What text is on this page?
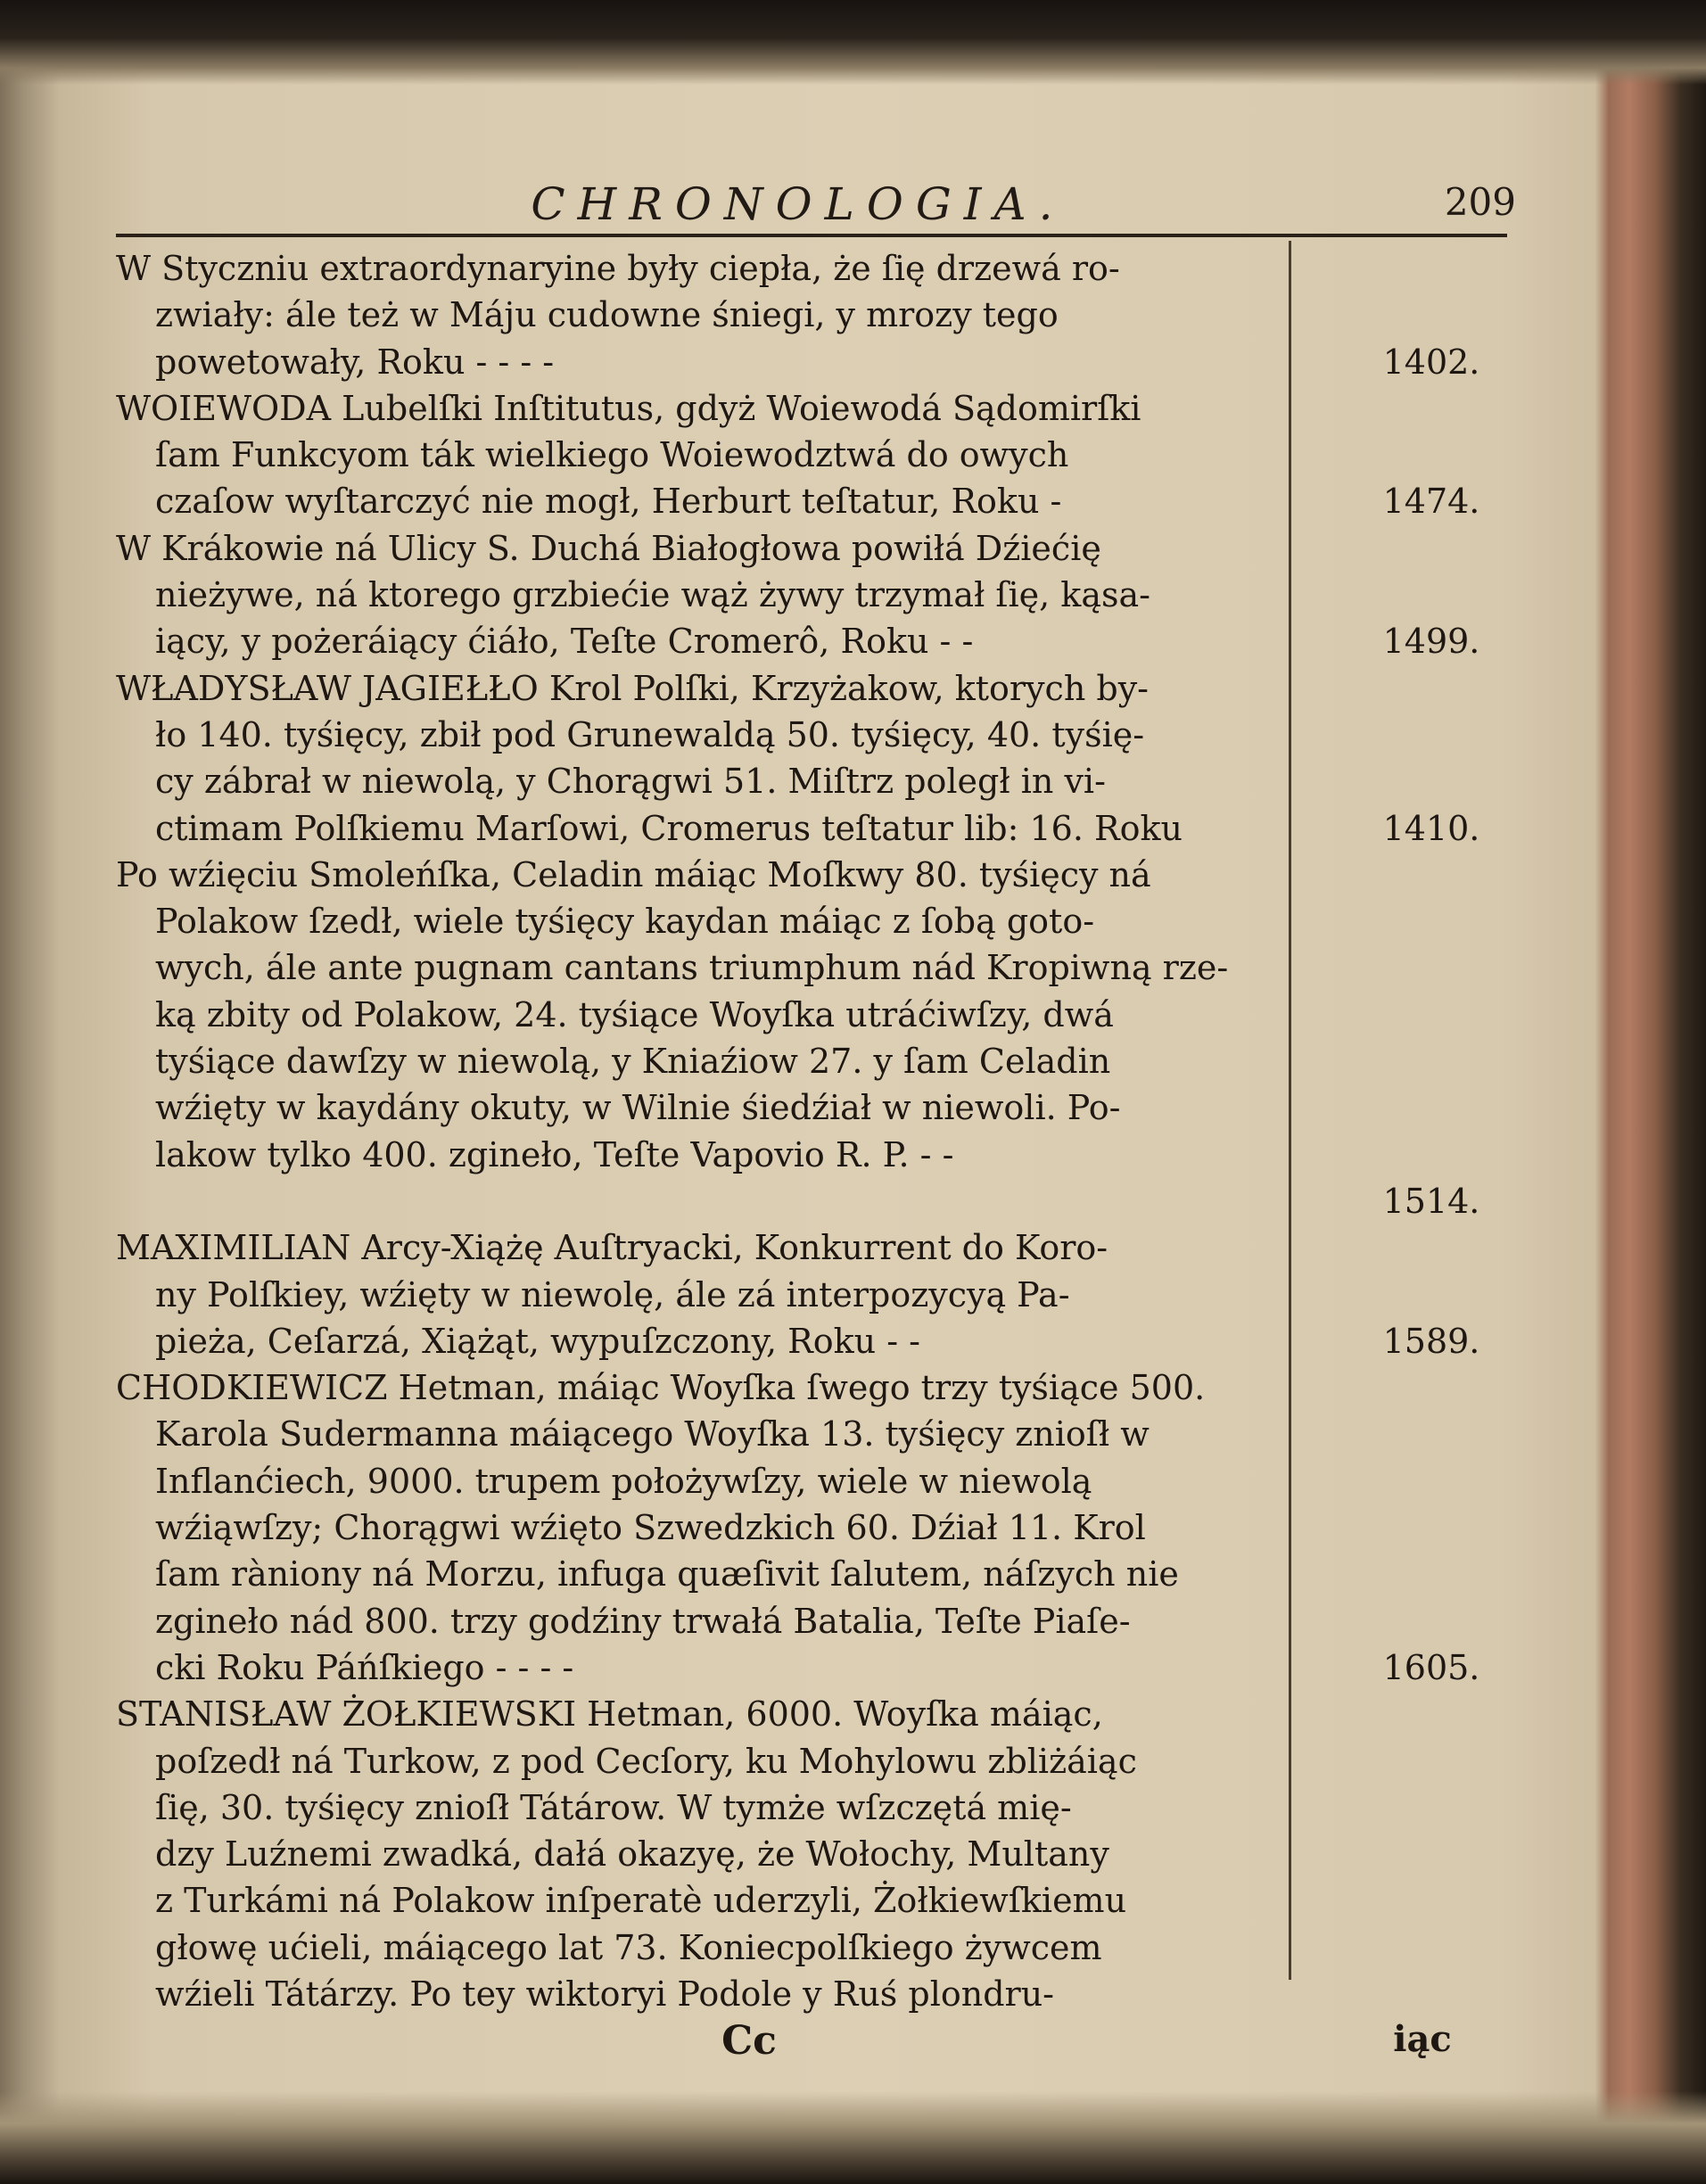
CHRONOLOGIA.	209
W Styczniu extraordynaryine były ciepła, że ſię drzewá ro-
zwiały: ále też w Máju cudowne śniegi, y mrozy tego
powetowały, Roku - - - -	1402.
WOIEWODA Lubelſki Inſtitutus, gdyż Woiewodá Sądomirſki
ſam Funkcyom ták wielkiego Woiewodztwá do owych
czaſow wyſtarczyć nie mogł, Herburt teſtatur, Roku -	1474.
W Krákowie ná Ulicy S. Duchá Białogłowa powiłá Dźiećię
nieżywe, ná ktorego grzbiećie wąż żywy trzymał ſię, kąsa-
iący, y pożeráiący ćiáło, Teſte Cromerô, Roku - -	1499.
WŁADYSŁAW JAGIEŁŁO Krol Polſki, Krzyżakow, ktorych by-
ło 140. tyśięcy, zbił pod Grunewaldą 50. tyśięcy, 40. tyśię-
cy zábrał w niewolą, y Chorągwi 51. Miſtrz poległ in vi-
ctimam Polſkiemu Marſowi, Cromerus teſtatur lib: 16. Roku	1410.
Po wźięciu Smoleńſka, Celadin máiąc Moſkwy 80. tyśięcy ná
Polakow ſzedł, wiele tyśięcy kaydan máiąc z ſobą goto-
wych, ále ante pugnam cantans triumphum nád Kropiwną rze-
ką zbity od Polakow, 24. tyśiące Woyſka utráćiwſzy, dwá
tyśiące dawſzy w niewolą, y Kniaźiow 27. y ſam Celadin
wźięty w kaydány okuty, w Wilnie śiedźiał w niewoli. Po-
lakow tylko 400. zgineło, Teſte Vapovio R. P. - -
1514.
MAXIMILIAN Arcy-Xiążę Auſtryacki, Konkurrent do Koro-
ny Polſkiey, wźięty w niewolę, ále zá interpozycyą Pa-
pieża, Ceſarzá, Xiążąt, wypuſzczony, Roku - -	1589.
CHODKIEWICZ Hetman, máiąc Woyſka ſwego trzy tyśiące 500.
Karola Sudermanna máiącego Woyſka 13. tyśięcy znioſł w
Inflanćiech, 9000. trupem położywſzy, wiele w niewolą
wźiąwſzy; Chorągwi wźięto Szwedzkich 60. Dźiał 11. Krol
ſam ràniony ná Morzu, infuga quæſivit ſalutem, náſzych nie
zgineło nád 800. trzy godźiny trwałá Batalia, Teſte Piaſe-
cki Roku Páńſkiego - - - -	1605.
STANISŁAW ŻOŁKIEWSKI Hetman, 6000. Woyſka máiąc,
poſzedł ná Turkow, z pod Cecſory, ku Mohylowu zbliżáiąc
ſię, 30. tyśięcy znioſł Tátárow. W tymże wſzczętá mię-
dzy Luźnemi zwadká, dałá okazyę, że Wołochy, Multany
z Turkámi ná Polakow inſperatè uderzyli, Żołkiewſkiemu
głowę ućieli, máiącego lat 73. Koniecpolſkiego żywcem
wźieli Tátárzy. Po tey wiktoryi Podole y Ruś plondru-
Cc	iąc
